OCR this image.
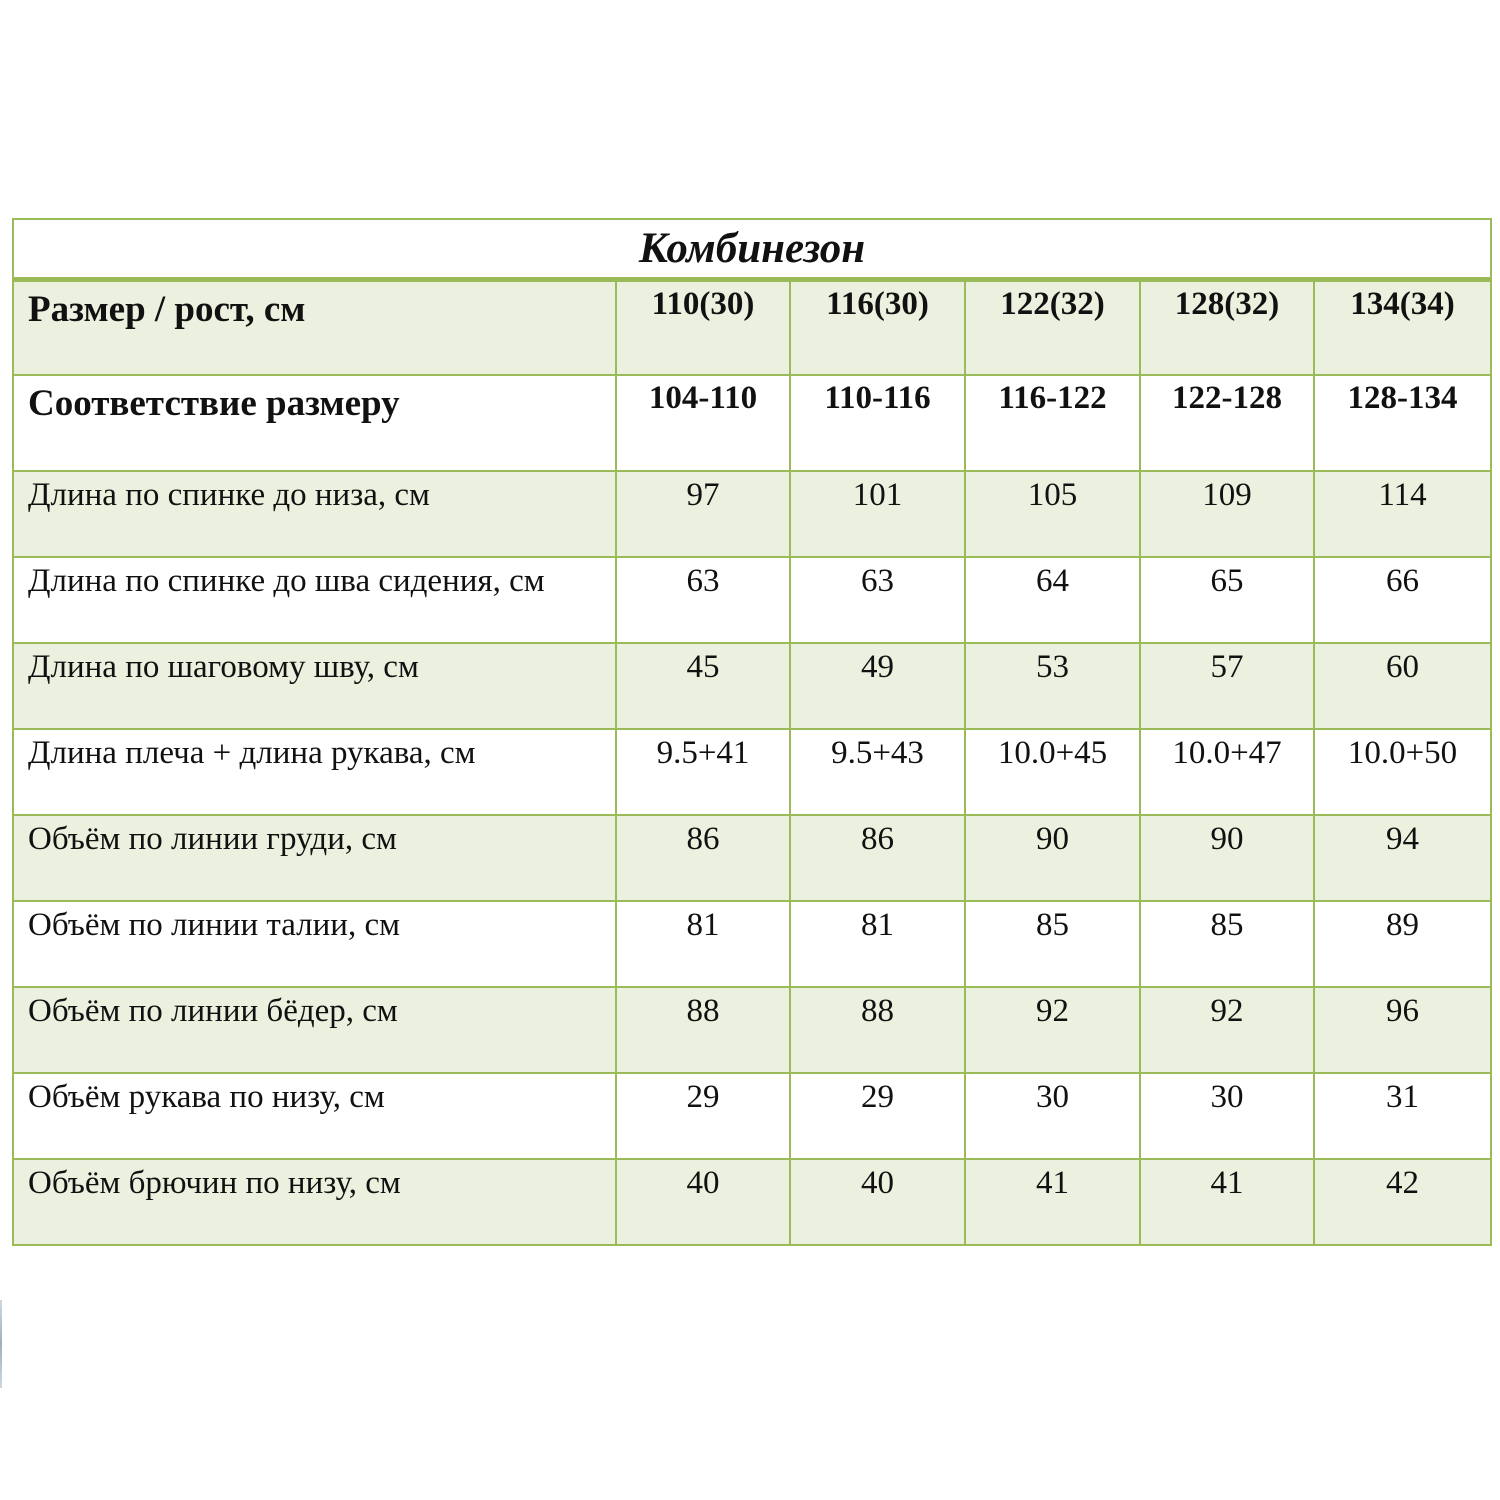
Комбинезон					
Размер / рост, см	110(30)	116(30)	122(32)	128(32)	134(34)
Соответствие размеру	104-110	110-116	116-122	122-128	128-134
Длина по спинке до низа, см	97	101	105	109	114
Длина по спинке до шва сидения, см	63	63	64	65	66
Длина по шаговому шву, см	45	49	53	57	60
Длина плеча + длина рукава, см	9.5+41	9.5+43	10.0+45	10.0+47	10.0+50
Объём по линии груди, см	86	86	90	90	94
Объём по линии талии, см	81	81	85	85	89
Объём по линии бёдер, см	88	88	92	92	96
Объём рукава по низу, см	29	29	30	30	31
Объём брючин по низу, см	40	40	41	41	42
